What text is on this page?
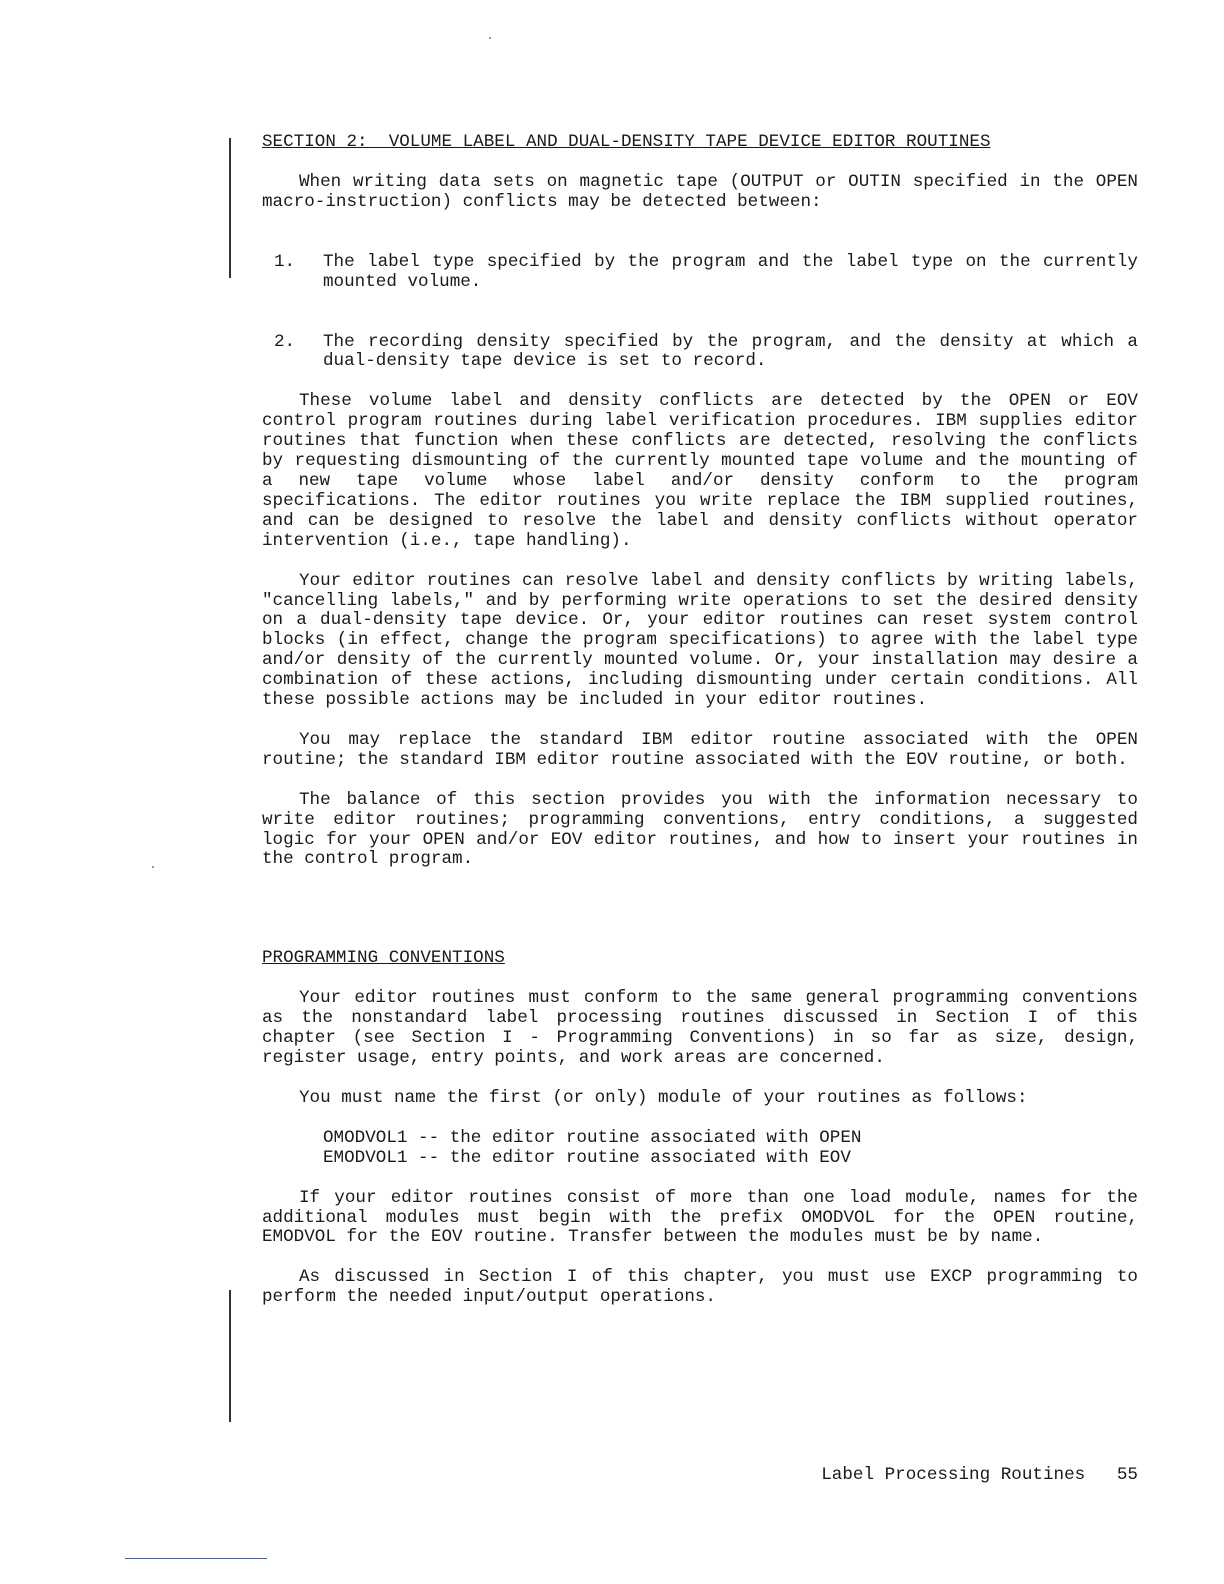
SECTION 2:  VOLUME LABEL AND DUAL-DENSITY TAPE DEVICE EDITOR ROUTINES

When writing data sets on magnetic tape (OUTPUT or OUTIN specified in the OPEN macro-instruction) conflicts may be detected between:

1. The label type specified by the program and the label type on the currently mounted volume.
2. The recording density specified by the program, and the density at which a dual-density tape device is set to record.

These volume label and density conflicts are detected by the OPEN or EOV control program routines during label verification procedures. IBM supplies editor routines that function when these conflicts are detected, resolving the conflicts by requesting dismounting of the currently mounted tape volume and the mounting of a new tape volume whose label and/or density conform to the program specifications. The editor routines you write replace the IBM supplied routines, and can be designed to resolve the label and density conflicts without operator intervention (i.e., tape handling).

Your editor routines can resolve label and density conflicts by writing labels, "cancelling labels," and by performing write operations to set the desired density on a dual-density tape device. Or, your editor routines can reset system control blocks (in effect, change the program specifications) to agree with the label type and/or density of the currently mounted volume. Or, your installation may desire a combination of these actions, including dismounting under certain conditions. All these possible actions may be included in your editor routines.

You may replace the standard IBM editor routine associated with the OPEN routine; the standard IBM editor routine associated with the EOV routine, or both.

The balance of this section provides you with the information necessary to write editor routines; programming conventions, entry conditions, a suggested logic for your OPEN and/or EOV editor routines, and how to insert your routines in the control program.

PROGRAMMING CONVENTIONS

Your editor routines must conform to the same general programming conventions as the nonstandard label processing routines discussed in Section I of this chapter (see Section I - Programming Conventions) in so far as size, design, register usage, entry points, and work areas are concerned.

You must name the first (or only) module of your routines as follows:

OMODVOL1 -- the editor routine associated with OPEN

EMODVOL1 -- the editor routine associated with EOV

If your editor routines consist of more than one load module, names for the additional modules must begin with the prefix OMODVOL for the OPEN routine, EMODVOL for the EOV routine. Transfer between the modules must be by name.

As discussed in Section I of this chapter, you must use EXCP programming to perform the needed input/output operations.

Label Processing Routines 55
